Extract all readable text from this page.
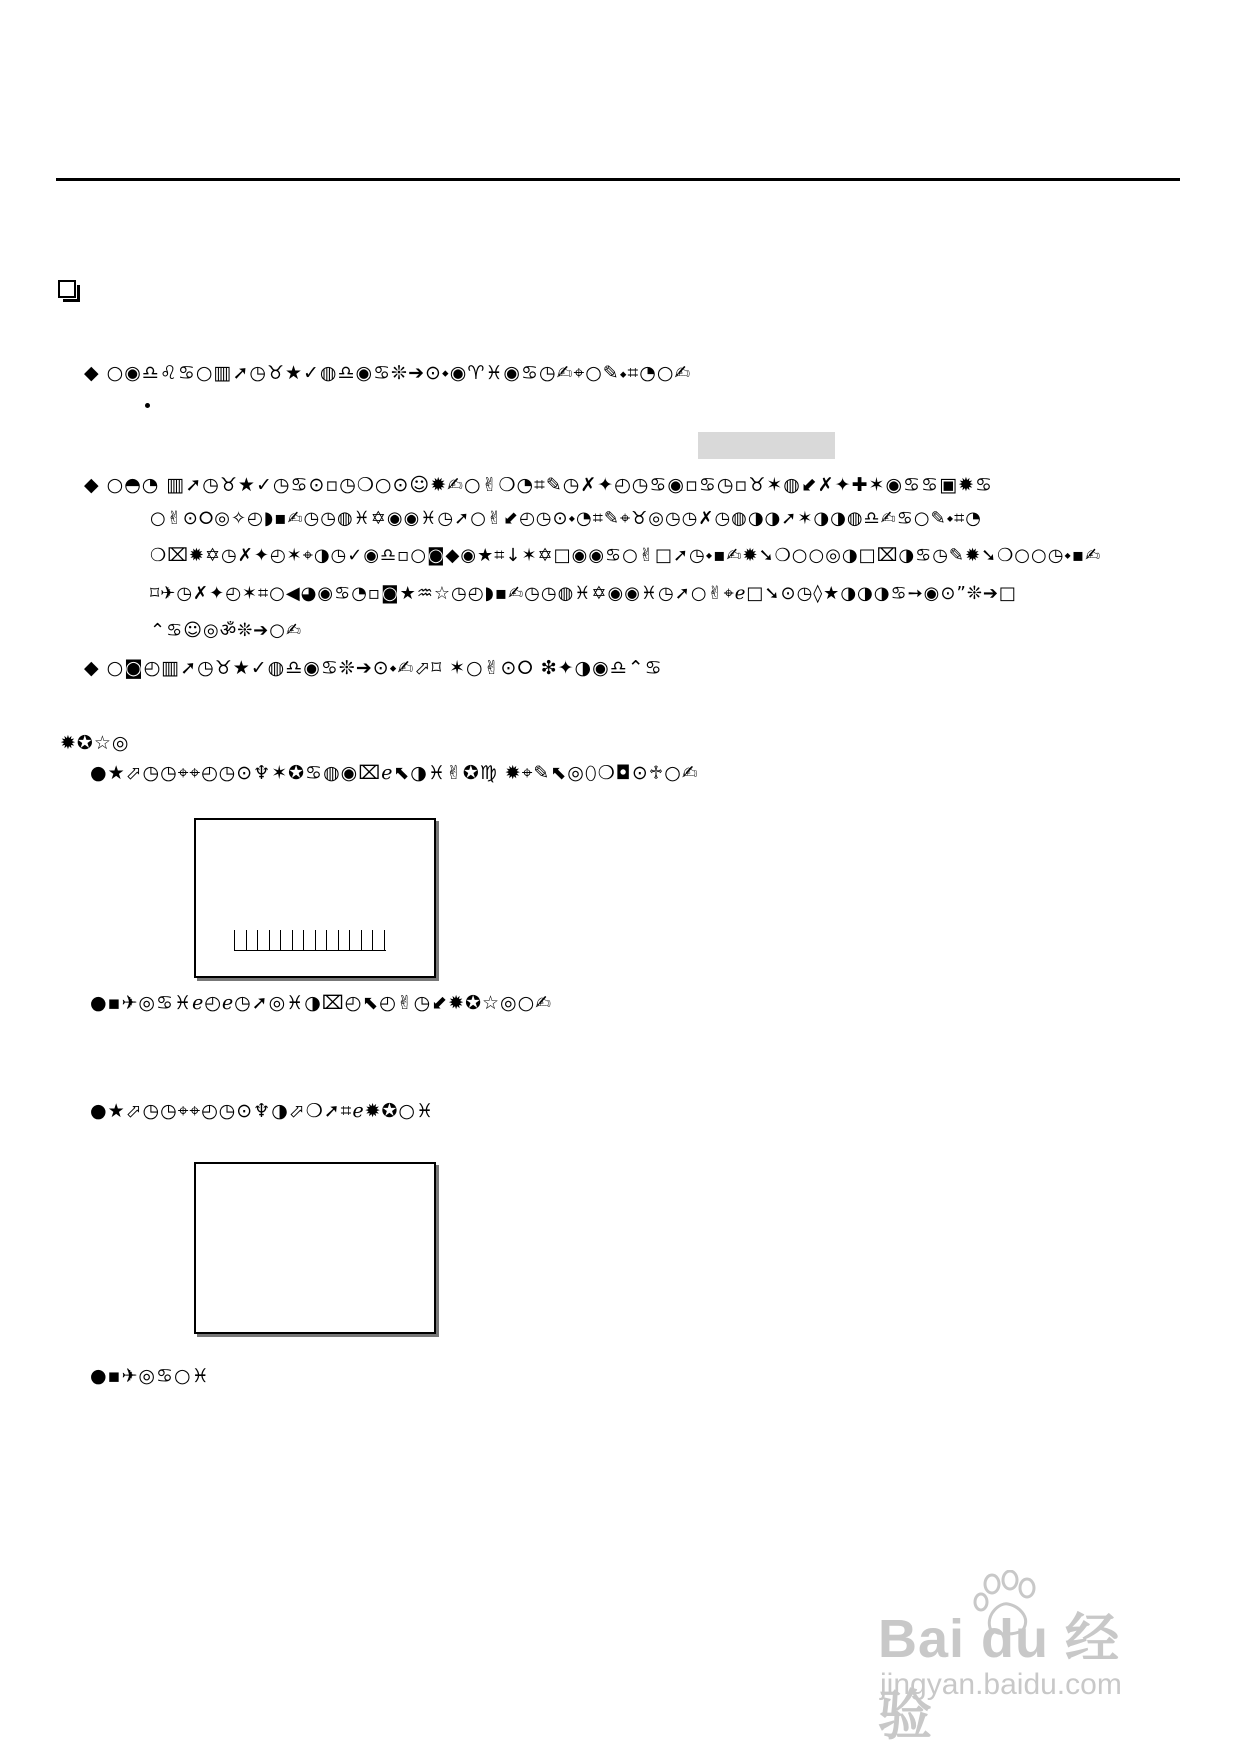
◆ ○◉♎♌♋○▥➚◷♉★✓◍♎◉♋❊➔⊙⬩◉♈♓◉♋◷✍⌖○✎⬩⌗◔○✍
◆ ○◓◔ ▥➚◷♉★✓◷♋⊙▫◷❍○⊙☺✹✍○✌❍◔⌗✎◷✗✦◴◷♋◉▫♋◷▫♉✶◍⬋✗✦✚✶◉♋♋▣✹♋
○✌⊙⭘◎✧◴◗▪✍◷◷◍♓✡◉◉♓◷➚○✌⬋◴◷⊙⬩◔⌗✎⌖♉◎◷◷✗◷◍◑◑➚✶◑◑◍♎✍♋○✎⬩⌗◔
❍⌧✹✡◷✗✦◴✶⌖◑◷✓◉♎▫○◙◆◉★⌗↓✶✡□◉◉♋○✌□➚◷⬩▪✍✹➘❍○○◎◑□⌧◑♋◷✎✹➘❍○○◷⬩▪✍
⌑✈◷✗✦◴✶⌗○◀◕◉♋◔▫◙★♒☆◷◴◗▪✍◷◷◍♓✡◉◉♓◷➚○✌⌖ℯ□➘⊙◷◊★◑◑◑♋➙◉⊙”❊➔□
⌃♋☺◎ॐ❊➔○✍
◆ ○◙◴▥➚◷♉★✓◍♎◉♋❊➔⊙⬩✍⬀⌑ ✶○✌⊙⭘ ❇✦◑◉♎⌃♋
✹✪☆◎
●★⬀◷◷⌖⌖◴◷⊙♆✶✪♋◍◉⌧ℯ⬉◑♓✌✪♍ ✹⌖✎⬉◎⬯❍◘⊙♱○✍
●▪✈◎♋♓ℯ◴ℯ◷➚◎♓◑⌧◴⬉◴✌◷⬋✹✪☆◎○✍
●★⬀◷◷⌖⌖◴◷⊙♆◑⬀❍➚⌗ℯ✹✪○♓
●▪✈◎♋○♓
Bai du 经验
jingyan.baidu.com
